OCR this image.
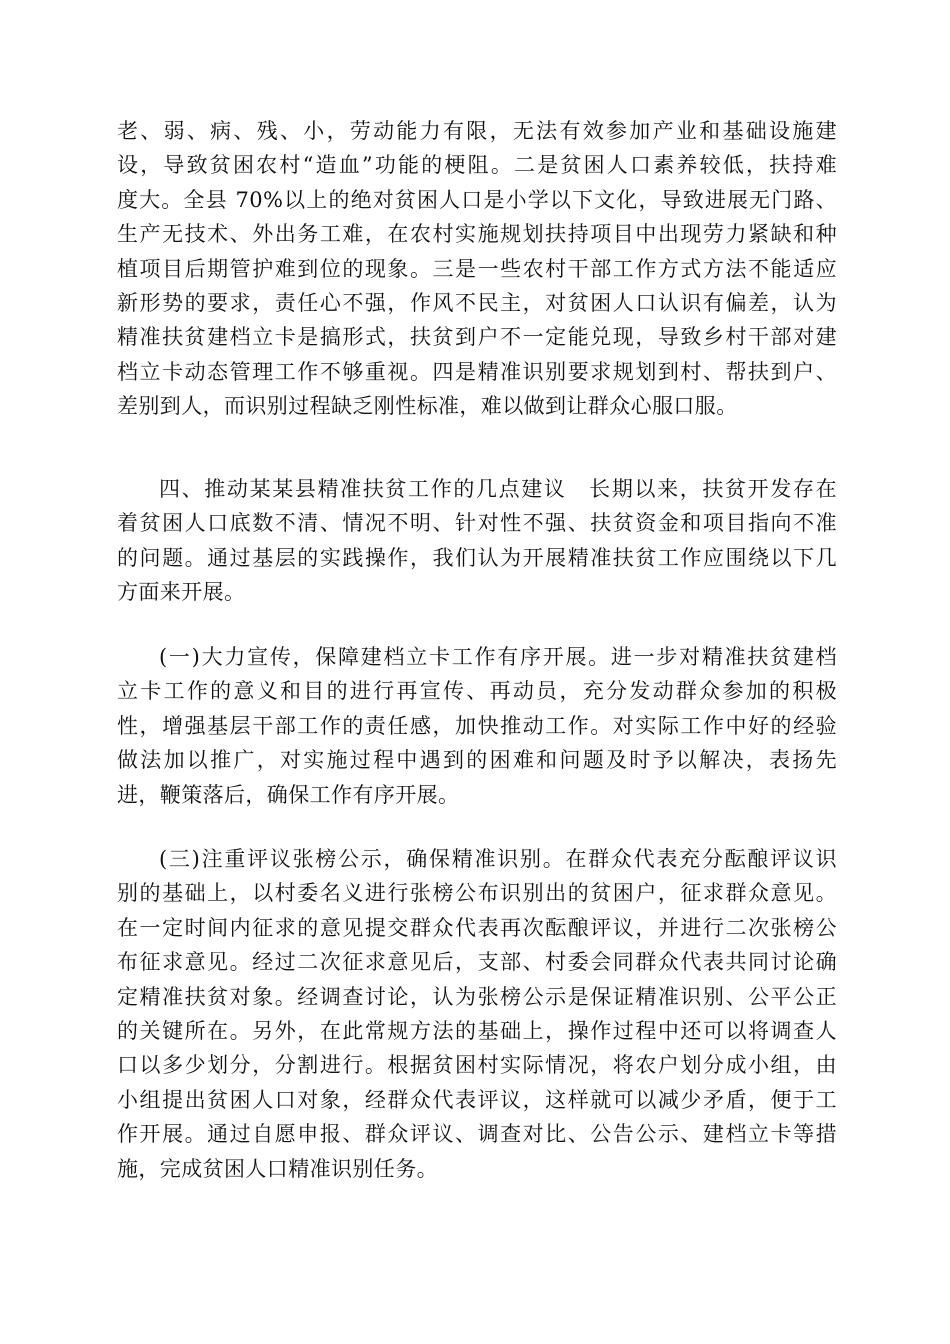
老、弱、病、残、小，劳动能力有限，无法有效参加产业和基础设施建
设，导致贫困农村“造血”功能的梗阻。二是贫困人口素养较低，扶持难
度大。全县 70%以上的绝对贫困人口是小学以下文化，导致进展无门路、
生产无技术、外出务工难，在农村实施规划扶持项目中出现劳力紧缺和种
植项目后期管护难到位的现象。三是一些农村干部工作方式方法不能适应
新形势的要求，责任心不强，作风不民主，对贫困人口认识有偏差，认为
精准扶贫建档立卡是搞形式，扶贫到户不一定能兑现，导致乡村干部对建
档立卡动态管理工作不够重视。四是精准识别要求规划到村、帮扶到户、
差别到人，而识别过程缺乏刚性标准，难以做到让群众心服口服。
四、推动某某县精准扶贫工作的几点建议　长期以来，扶贫开发存在
着贫困人口底数不清、情况不明、针对性不强、扶贫资金和项目指向不准
的问题。通过基层的实践操作，我们认为开展精准扶贫工作应围绕以下几
方面来开展。
(一)大力宣传，保障建档立卡工作有序开展。进一步对精准扶贫建档
立卡工作的意义和目的进行再宣传、再动员，充分发动群众参加的积极
性，增强基层干部工作的责任感，加快推动工作。对实际工作中好的经验
做法加以推广，对实施过程中遇到的困难和问题及时予以解决，表扬先
进，鞭策落后，确保工作有序开展。
(三)注重评议张榜公示，确保精准识别。在群众代表充分酝酿评议识
别的基础上，以村委名义进行张榜公布识别出的贫困户，征求群众意见。
在一定时间内征求的意见提交群众代表再次酝酿评议，并进行二次张榜公
布征求意见。经过二次征求意见后，支部、村委会同群众代表共同讨论确
定精准扶贫对象。经调查讨论，认为张榜公示是保证精准识别、公平公正
的关键所在。另外，在此常规方法的基础上，操作过程中还可以将调查人
口以多少划分，分割进行。根据贫困村实际情况，将农户划分成小组，由
小组提出贫困人口对象，经群众代表评议，这样就可以减少矛盾，便于工
作开展。通过自愿申报、群众评议、调查对比、公告公示、建档立卡等措
施，完成贫困人口精准识别任务。
